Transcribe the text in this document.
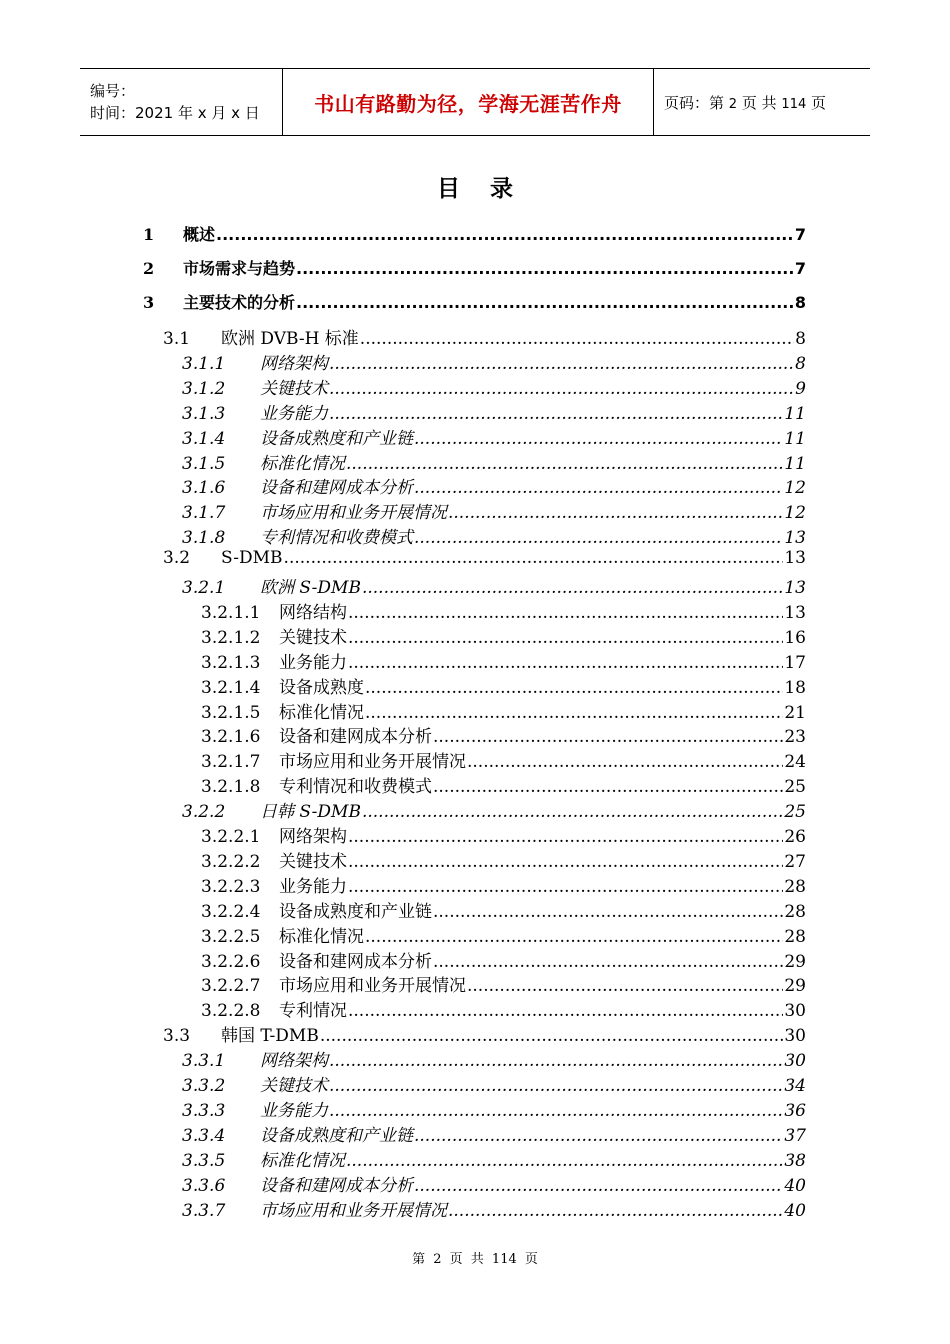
编号：
时间：2021 年 x 月 x 日	书山有路勤为径，学海无涯苦作舟	页码：第 2 页 共 114 页
目录
1	概述 .....	7
2	市场需求与趋势 .....	7
3	主要技术的分析 .....	8
3.1	欧洲 DVB-H 标准 .....	8
3.1.1	网络架构 .....	8
3.1.2	关键技术 .....	9
3.1.3	业务能力 .....	11
3.1.4	设备成熟度和产业链 .....	11
3.1.5	标准化情况 .....	11
3.1.6	设备和建网成本分析 .....	12
3.1.7	市场应用和业务开展情况 .....	12
3.1.8	专利情况和收费模式 .....	13
3.2	S-DMB .....	13
3.2.1	欧洲 S-DMB .....	13
3.2.1.1	网络结构 .....	13
3.2.1.2	关键技术 .....	16
3.2.1.3	业务能力 .....	17
3.2.1.4	设备成熟度 .....	18
3.2.1.5	标准化情况 .....	21
3.2.1.6	设备和建网成本分析 .....	23
3.2.1.7	市场应用和业务开展情况 .....	24
3.2.1.8	专利情况和收费模式 .....	25
3.2.2	日韩 S-DMB .....	25
3.2.2.1	网络架构 .....	26
3.2.2.2	关键技术 .....	27
3.2.2.3	业务能力 .....	28
3.2.2.4	设备成熟度和产业链 .....	28
3.2.2.5	标准化情况 .....	28
3.2.2.6	设备和建网成本分析 .....	29
3.2.2.7	市场应用和业务开展情况 .....	29
3.2.2.8	专利情况 .....	30
3.3	韩国 T-DMB .....	30
3.3.1	网络架构 .....	30
3.3.2	关键技术 .....	34
3.3.3	业务能力 .....	36
3.3.4	设备成熟度和产业链 .....	37
3.3.5	标准化情况 .....	38
3.3.6	设备和建网成本分析 .....	40
3.3.7	市场应用和业务开展情况 .....	40
第 2 页 共 114 页
